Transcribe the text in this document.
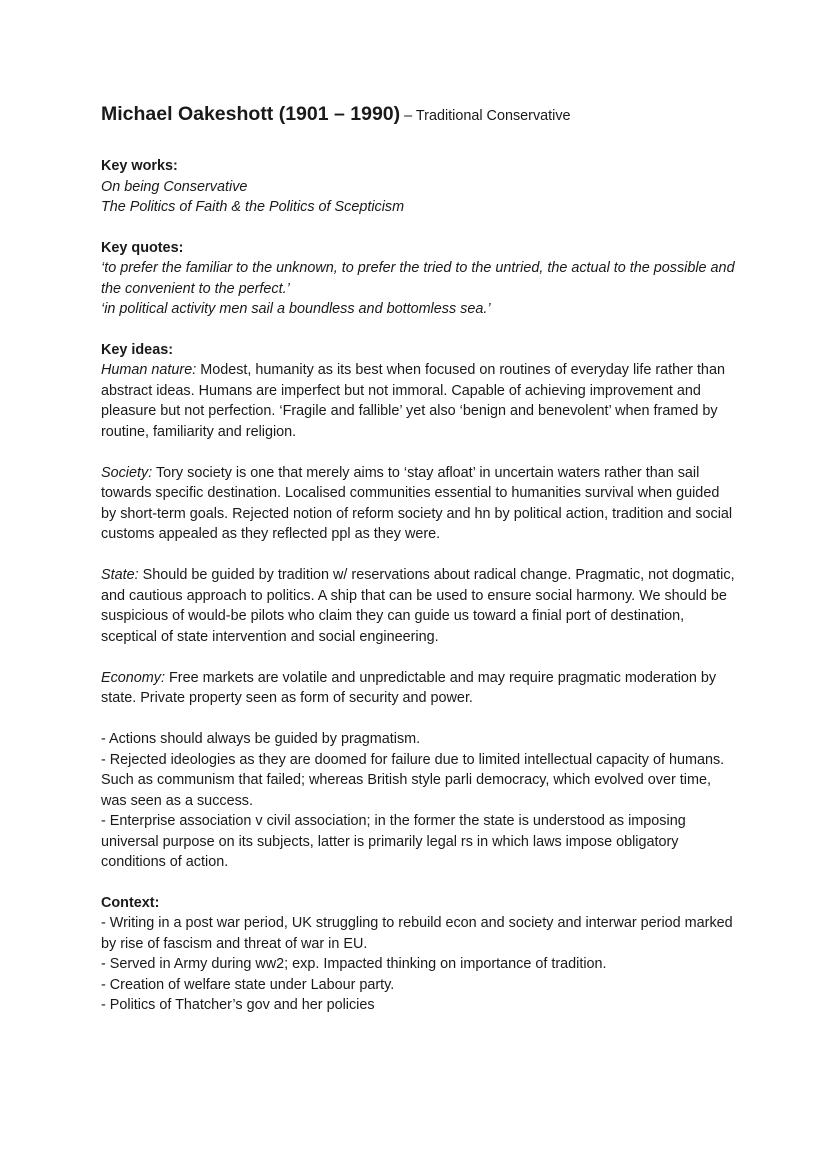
Michael Oakeshott (1901 – 1990) – Traditional Conservative

Key works:

On being Conservative

The Politics of Faith & the Politics of Scepticism

Key quotes:

‘to prefer the familiar to the unknown, to prefer the tried to the untried, the actual to the possible and the convenient to the perfect.’

‘in political activity men sail a boundless and bottomless sea.’

Key ideas:

Human nature: Modest, humanity as its best when focused on routines of everyday life rather than abstract ideas. Humans are imperfect but not immoral. Capable of achieving improvement and pleasure but not perfection. ‘Fragile and fallible’ yet also ‘benign and benevolent’ when framed by routine, familiarity and religion.

Society: Tory society is one that merely aims to ‘stay afloat’ in uncertain waters rather than sail towards specific destination. Localised communities essential to humanities survival when guided by short-term goals. Rejected notion of reform society and hn by political action, tradition and social customs appealed as they reflected ppl as they were.

State: Should be guided by tradition w/ reservations about radical change. Pragmatic, not dogmatic, and cautious approach to politics. A ship that can be used to ensure social harmony. We should be suspicious of would-be pilots who claim they can guide us toward a finial port of destination, sceptical of state intervention and social engineering.

Economy: Free markets are volatile and unpredictable and may require pragmatic moderation by state. Private property seen as form of security and power.

- Actions should always be guided by pragmatism.

- Rejected ideologies as they are doomed for failure due to limited intellectual capacity of humans. Such as communism that failed; whereas British style parli democracy, which evolved over time, was seen as a success.

- Enterprise association v civil association; in the former the state is understood as imposing universal purpose on its subjects, latter is primarily legal rs in which laws impose obligatory conditions of action.

Context:

- Writing in a post war period, UK struggling to rebuild econ and society and interwar period marked by rise of fascism and threat of war in EU.

- Served in Army during ww2; exp. Impacted thinking on importance of tradition.

- Creation of welfare state under Labour party.

- Politics of Thatcher’s gov and her policies
